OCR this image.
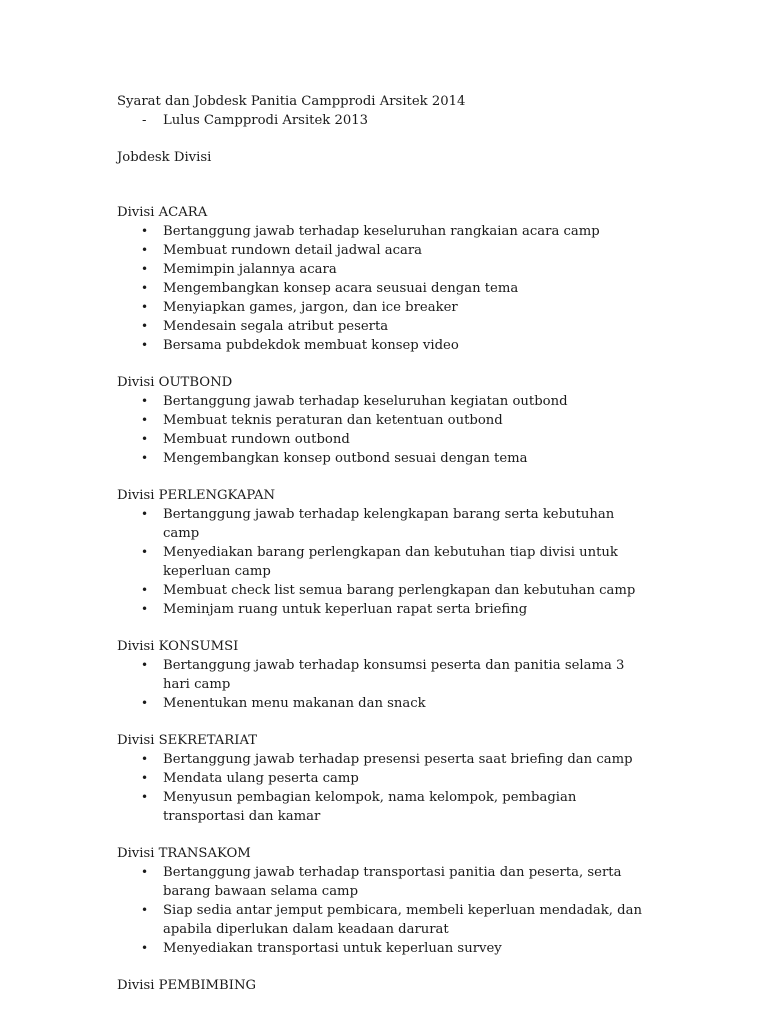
Syarat dan Jobdesk Panitia Campprodi Arsitek 2014

- Lulus Campprodi Arsitek 2013

Jobdesk Divisi

Divisi ACARA

• Bertanggung jawab terhadap keseluruhan rangkaian acara camp
• Membuat rundown detail jadwal acara
• Memimpin jalannya acara
• Mengembangkan konsep acara seusuai dengan tema
• Menyiapkan games, jargon, dan ice breaker
• Mendesain segala atribut peserta
• Bersama pubdekdok membuat konsep video

Divisi OUTBOND

• Bertanggung jawab terhadap keseluruhan kegiatan outbond
• Membuat teknis peraturan dan ketentuan outbond
• Membuat rundown outbond
• Mengembangkan konsep outbond sesuai dengan tema

Divisi PERLENGKAPAN

• Bertanggung jawab terhadap kelengkapan barang serta kebutuhan camp
• Menyediakan barang perlengkapan dan kebutuhan tiap divisi untuk keperluan camp
• Membuat check list semua barang perlengkapan dan kebutuhan camp
• Meminjam ruang untuk keperluan rapat serta briefing

Divisi KONSUMSI

• Bertanggung jawab terhadap konsumsi peserta dan panitia selama 3 hari camp
• Menentukan menu makanan dan snack

Divisi SEKRETARIAT

• Bertanggung jawab terhadap presensi peserta saat briefing dan camp
• Mendata ulang peserta camp
• Menyusun pembagian kelompok, nama kelompok, pembagian transportasi dan kamar

Divisi TRANSAKOM

• Bertanggung jawab terhadap transportasi panitia dan peserta, serta barang bawaan selama camp
• Siap sedia antar jemput pembicara, membeli keperluan mendadak, dan apabila diperlukan dalam keadaan darurat
• Menyediakan transportasi untuk keperluan survey

Divisi PEMBIMBING
